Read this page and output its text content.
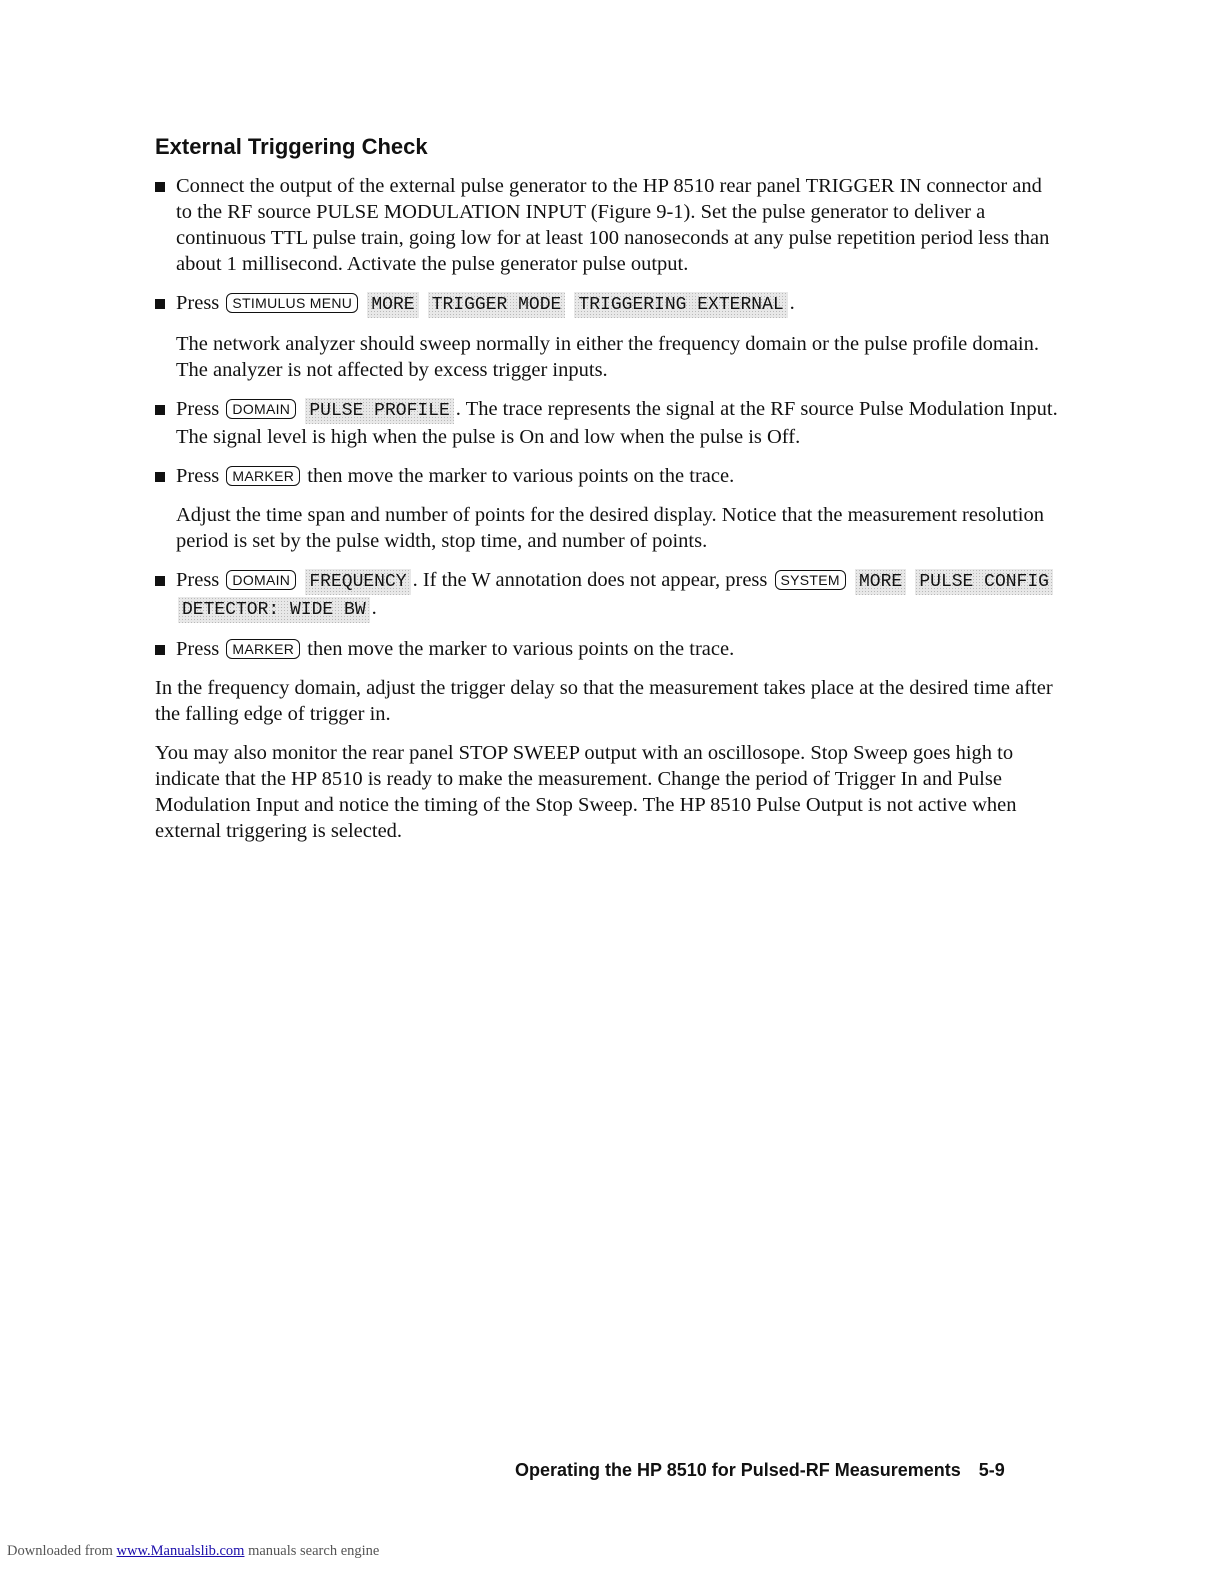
External Triggering Check
Connect the output of the external pulse generator to the HP 8510 rear panel TRIGGER IN connector and to the RF source PULSE MODULATION INPUT (Figure 9-1). Set the pulse generator to deliver a continuous TTL pulse train, going low for at least 100 nanoseconds at any pulse repetition period less than about 1 millisecond. Activate the pulse generator pulse output.
Press STIMULUS MENU MORE TRIGGER MODE TRIGGERING EXTERNAL .

The network analyzer should sweep normally in either the frequency domain or the pulse profile domain. The analyzer is not affected by excess trigger inputs.

Press DOMAIN PULSE PROFILE . The trace represents the signal at the RF source Pulse Modulation Input. The signal level is high when the pulse is On and low when the pulse is Off.
Press MARKER then move the marker to various points on the trace.

Adjust the time span and number of points for the desired display. Notice that the measurement resolution period is set by the pulse width, stop time, and number of points.

Press DOMAIN FREQUENCY . If the W annotation does not appear, press SYSTEM MORE PULSE CONFIG DETECTOR: WIDE BW .
Press MARKER then move the marker to various points on the trace.

In the frequency domain, adjust the trigger delay so that the measurement takes place at the desired time after the falling edge of trigger in.

You may also monitor the rear panel STOP SWEEP output with an oscillosope. Stop Sweep goes high to indicate that the HP 8510 is ready to make the measurement. Change the period of Trigger In and Pulse Modulation Input and notice the timing of the Stop Sweep. The HP 8510 Pulse Output is not active when external triggering is selected.

Operating the HP 8510 for Pulsed-RF Measurements 5-9
Downloaded from www.Manualslib.com manuals search engine
